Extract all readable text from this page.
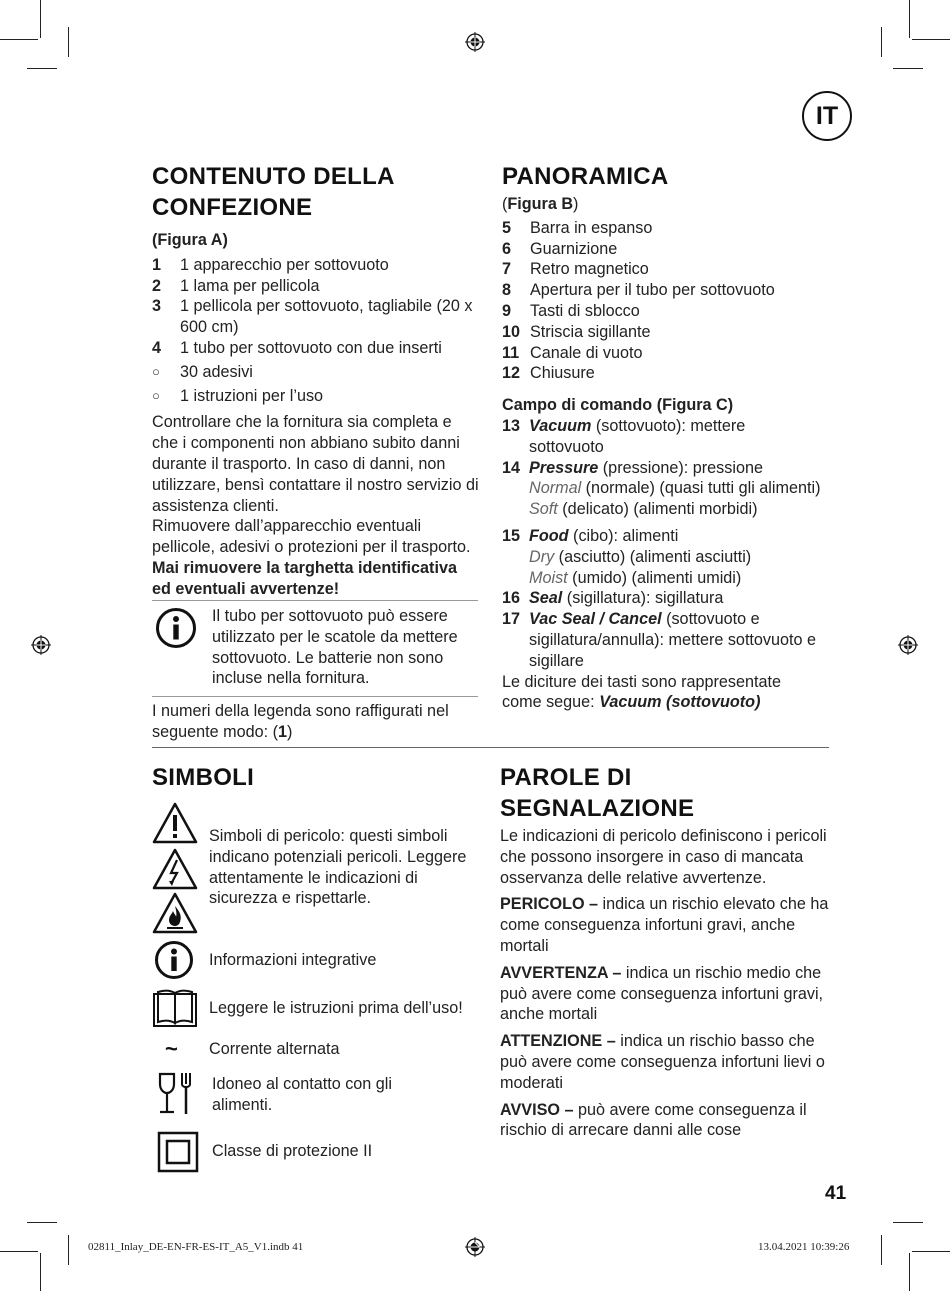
IT
CONTENUTO DELLA
CONFEZIONE
(Figura A)
1	1 apparecchio per sottovuoto
2	1 lama per pellicola
3	1 pellicola per sottovuoto, tagliabile (20 x 600 cm)
4	1 tubo per sottovuoto con due inserti
○	30 adesivi
○	1 istruzioni per l’uso

Controllare che la fornitura sia completa e che i componenti non abbiano subito danni durante il trasporto. In caso di danni, non utilizzare, bensì contattare il nostro servizio di assistenza clienti.

Rimuovere dall’apparecchio eventuali pellicole, adesivi o protezioni per il trasporto.

Mai rimuovere la targhetta identificativa ed eventuali avvertenze!

Il tubo per sottovuoto può essere utilizzato per le scatole da mettere sottovuoto. Le batterie non sono incluse nella fornitura.
I numeri della legenda sono raffigurati nel seguente modo: (1)
PANORAMICA
(Figura B)
5	Barra in espanso
6	Guarnizione
7	Retro magnetico
8	Apertura per il tubo per sottovuoto
9	Tasti di sblocco
10 Striscia sigillante
11 Canale di vuoto
12 Chiusure
Campo di comando (Figura C)
13 Vacuum (sottovuoto): mettere sottovuoto
14 Pressure (pressione): pressione
Normal (normale) (quasi tutti gli alimenti)
Soft (delicato) (alimenti morbidi)
15 Food (cibo): alimenti
Dry (asciutto) (alimenti asciutti)
Moist (umido) (alimenti umidi)
16 Seal (sigillatura): sigillatura
17 Vac Seal / Cancel (sottovuoto e sigillatura/annulla): mettere sottovuoto e sigillare
Le diciture dei tasti sono rappresentate come segue: Vacuum (sottovuoto)
SIMBOLI
Simboli di pericolo: questi simboli indicano potenziali pericoli. Leggere attentamente le indicazioni di sicurezza e rispettarle.
Informazioni integrative
Leggere le istruzioni prima dell’uso!
~ Corrente alternata
Idoneo al contatto con gli alimenti.
Classe di protezione II
PAROLE DI
SEGNALAZIONE

Le indicazioni di pericolo definiscono i pericoli che possono insorgere in caso di mancata osservanza delle relative avvertenze.

PERICOLO – indica un rischio elevato che ha come conseguenza infortuni gravi, anche mortali

AVVERTENZA – indica un rischio medio che può avere come conseguenza infortuni gravi, anche mortali

ATTENZIONE – indica un rischio basso che può avere come conseguenza infortuni lievi o moderati

AVVISO – può avere come conseguenza il rischio di arrecare danni alle cose

41
02811_Inlay_DE-EN-FR-ES-IT_A5_V1.indb 41	13.04.2021 10:39:26
